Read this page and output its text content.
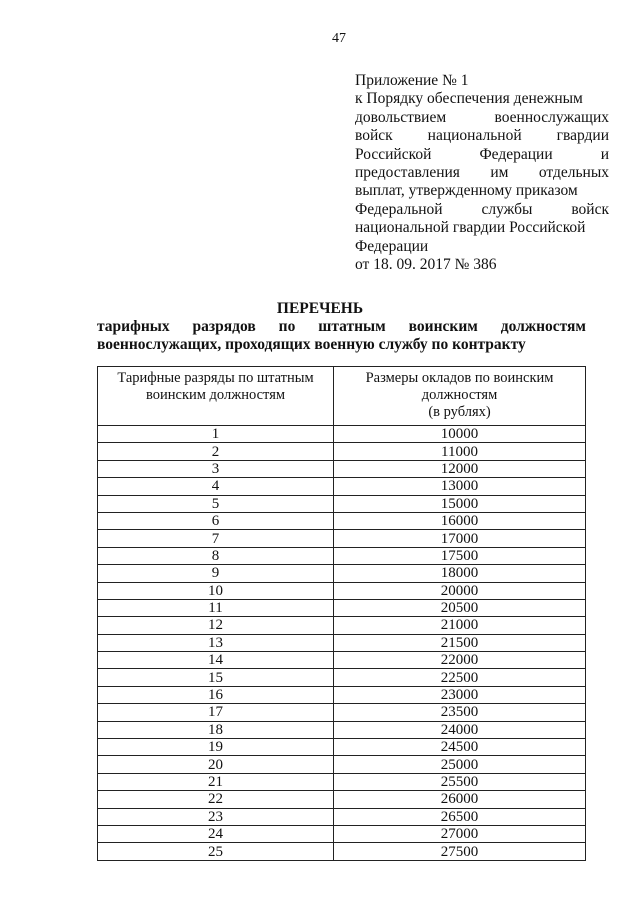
47
Приложение № 1
к Порядку обеспечения денежным
довольствием	военнослужащих
войск национальной гвардии
Российской	Федерации	и
предоставления им отдельных
выплат, утвержденному приказом
Федеральной	службы	войск
национальной гвардии Российской
Федерации
от 18. 09. 2017 № 386
ПЕРЕЧЕНЬ
тарифных разрядов по штатным воинским должностям
военнослужащих, проходящих военную службу по контракту
Тарифные разряды по штатным
воинским должностям

Размеры окладов по воинским
должностям
(в рублях)

1	10000
2	11000
3	12000
4	13000
5	15000
6	16000
7	17000
8	17500
9	18000
10	20000
11	20500
12	21000
13	21500
14	22000
15	22500
16	23000
17	23500
18	24000
19	24500
20	25000
21	25500
22	26000
23	26500
24	27000
25	27500
